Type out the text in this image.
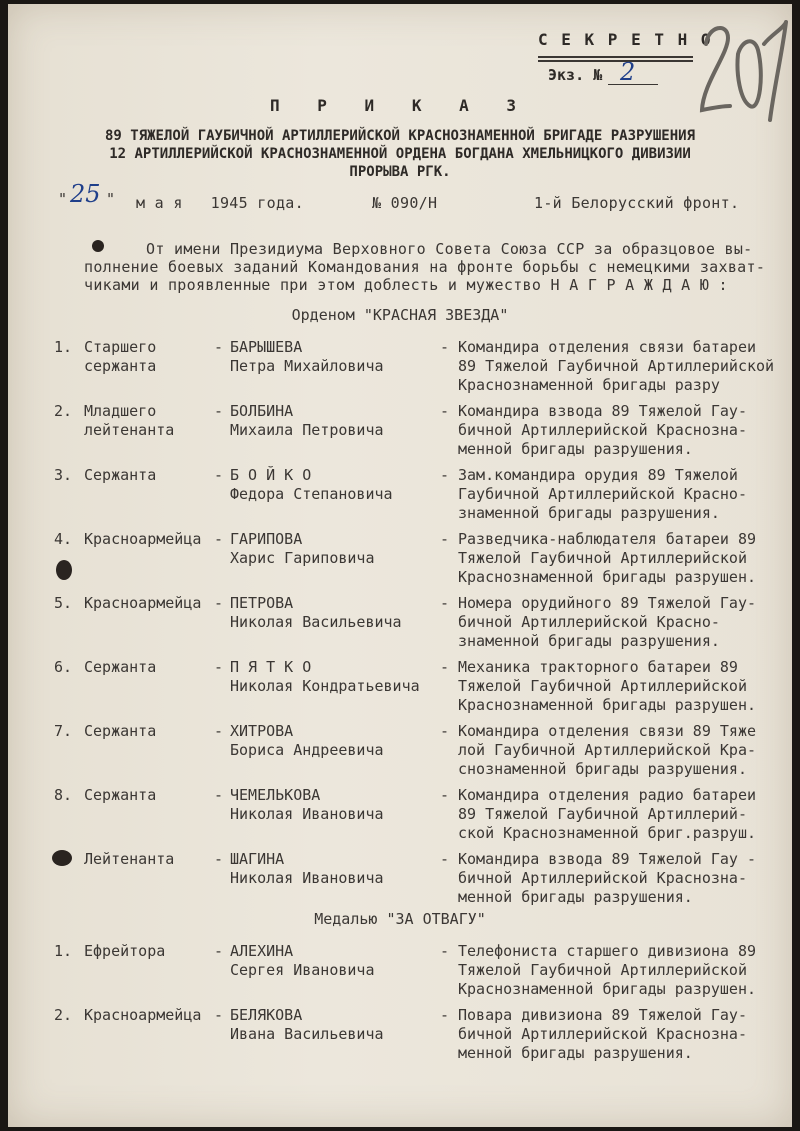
С Е К Р Е Т Н О
Экз. № 2
П Р И К А З
89 ТЯЖЕЛОЙ ГАУБИЧНОЙ АРТИЛЛЕРИЙСКОЙ КРАСНОЗНАМЕННОЙ БРИГАДЕ РАЗРУШЕНИЯ
12 АРТИЛЛЕРИЙСКОЙ КРАСНОЗНАМЕННОЙ ОРДЕНА БОГДАНА ХМЕЛЬНИЦКОГО ДИВИЗИИ
ПРОРЫВА РГК.
" 25 " м а я   1945 года.	№ 090/Н	1-й Белорусский фронт.
От имени Президиума Верховного Совета Союза ССР за образцовое вы-
полнение боевых заданий Командования на фронте борьбы с немецкими захват-
чиками и проявленные при этом доблесть и мужество Н А Г Р А Ж Д А Ю :
Орденом "КРАСНАЯ ЗВЕЗДА"
1. Старшего
сержанта
- БАРЫШЕВА
Петра Михайловича
- Командира отделения связи батареи
89 Тяжелой Гаубичной Артиллерийской
Краснознаменной бригады разру
2. Младшего
лейтенанта
- БОЛБИНА
Михаила Петровича
- Командира взвода 89 Тяжелой Гау-
бичной Артиллерийской Краснозна-
менной бригады разрушения.
3. Сержанта	- Б О Й К О
Федора Степановича
- Зам.командира орудия 89 Тяжелой
Гаубичной Артиллерийской Красно-
знаменной бригады разрушения.
4. Красноармейца - ГАРИПОВА
Харис Гариповича
- Разведчика-наблюдателя батареи 89
Тяжелой Гаубичной Артиллерийской
Краснознаменной бригады разрушен.
5. Красноармейца - ПЕТРОВА
Николая Васильевича
- Номера орудийного 89 Тяжелой Гау-
бичной Артиллерийской Красно-
знаменной бригады разрушения.
6. Сержанта	- П Я Т К О
Николая Кондратьевича
- Механика тракторного батареи 89
Тяжелой Гаубичной Артиллерийской
Краснознаменной бригады разрушен.
7. Сержанта	- ХИТРОВА
Бориса Андреевича
- Командира отделения связи 89 Тяже
лой Гаубичной Артиллерийской Кра-
снознаменной бригады разрушения.
8. Сержанта	- ЧЕМЕЛЬКОВА
Николая Ивановича
- Командира отделения радио батареи
89 Тяжелой Гаубичной Артиллерий-
ской Краснознаменной бриг.разруш.
Лейтенанта	- ШАГИНА
Николая Ивановича
- Командира взвода 89 Тяжелой Гау -
бичной Артиллерийской Краснозна-
менной бригады разрушения.
1. Ефрейтора	- АЛЕХИНА
Сергея Ивановича
- Телефониста старшего дивизиона 89
Тяжелой Гаубичной Артиллерийской
Краснознаменной бригады разрушен.
2. Красноармейца - БЕЛЯКОВА
Ивана Васильевича
- Повара дивизиона 89 Тяжелой Гау-
бичной Артиллерийской Краснозна-
менной бригады разрушения.
Медалью "ЗА ОТВАГУ"
